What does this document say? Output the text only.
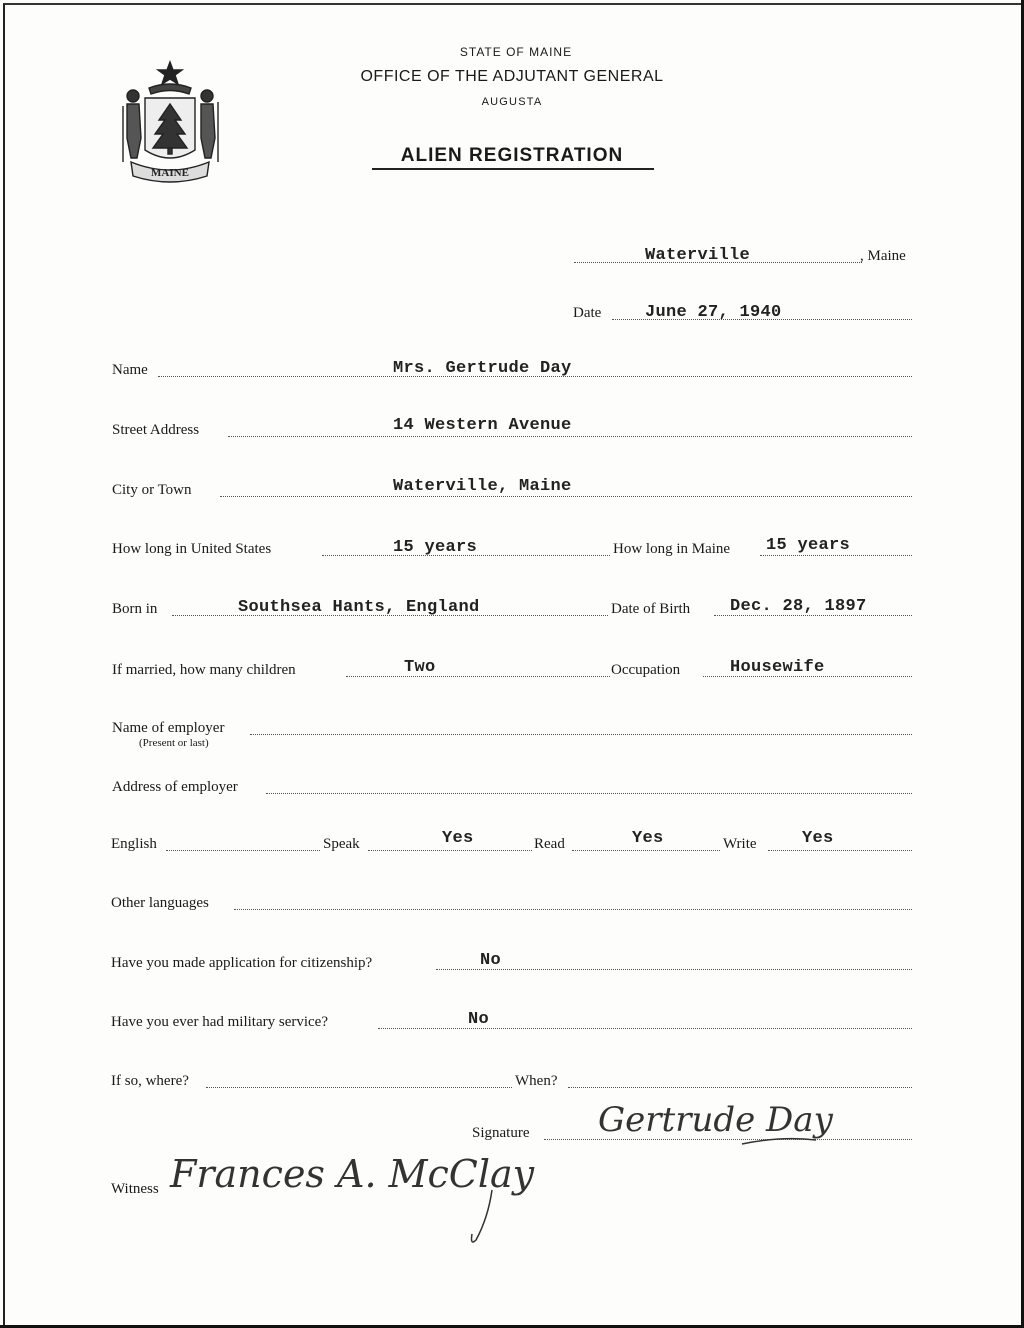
MAINE
STATE OF MAINE
OFFICE OF THE ADJUTANT GENERAL
AUGUSTA
ALIEN REGISTRATION
Waterville	, Maine
Date	June 27, 1940
Name	Mrs. Gertrude Day
Street Address	14 Western Avenue
City or Town	Waterville, Maine
How long in United States	15 years	How long in Maine 15 years
Born in	Southsea Hants, England	Date of Birth Dec. 28, 1897
If married, how many children	Two	Occupation	Housewife
Name of employer
(Present or last)
Address of employer
English	Speak	Yes	Read	Yes	Write	Yes
Other languages
Have you made application for citizenship?	No
Have you ever had military service?	No
If so, where?	When?
Signature Gertrude Day
Witness Frances A. McClay
